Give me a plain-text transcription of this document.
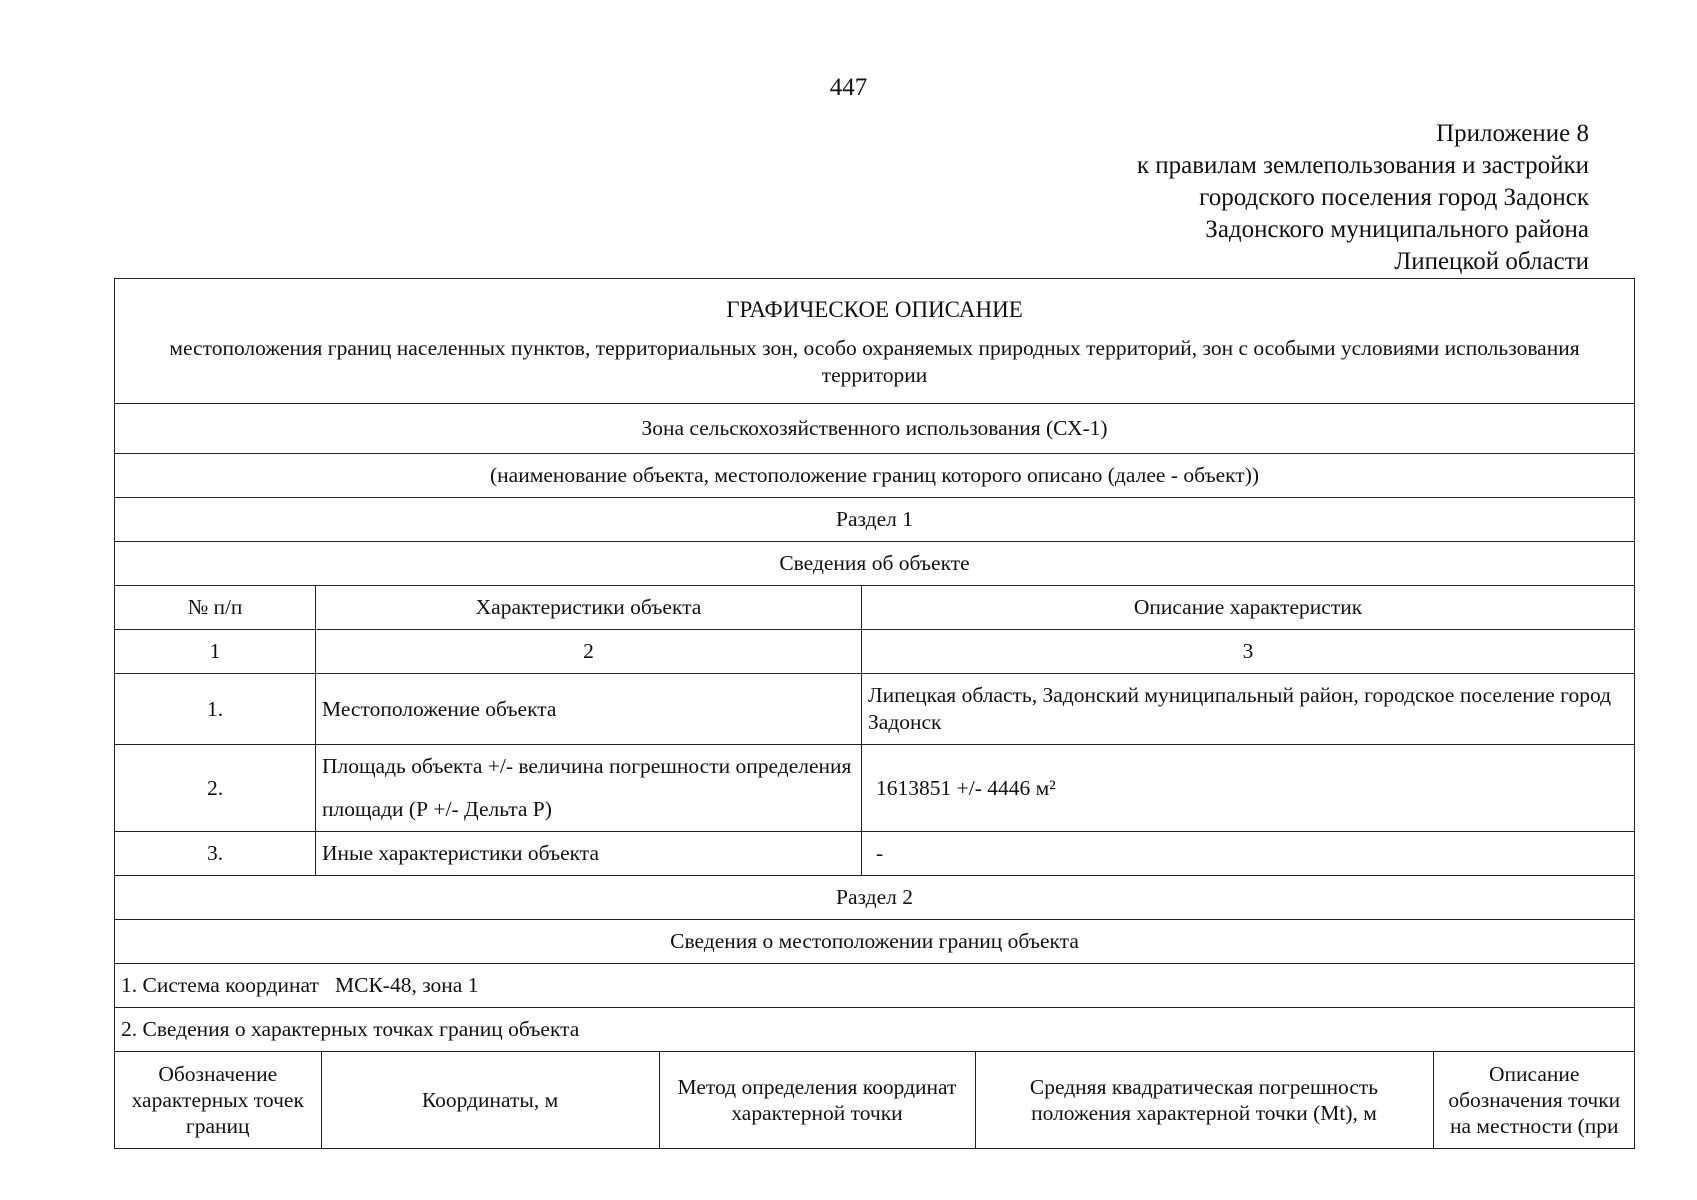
447
Приложение 8
к правилам землепользования и застройки
городского поселения город Задонск
Задонского муниципального района
Липецкой области
ГРАФИЧЕСКОЕ ОПИСАНИЕ
местоположения границ населенных пунктов, территориальных зон, особо охраняемых природных территорий, зон с особыми условиями использования территории

Зона сельскохозяйственного использования (СХ-1)
(наименование объекта, местоположение границ которого описано (далее - объект))
Раздел 1
Сведения об объекте
№ п/п	Характеристики объекта	Описание характеристик
1	2	3
1.	Местоположение объекта	Липецкая область, Задонский муниципальный район, городское поселение город Задонск
2.	Площадь объекта +/- величина погрешности определения площади (Р +/- Дельта Р)	1613851 +/- 4446 м²
3.	Иные характеристики объекта	-
Раздел 2
Сведения о местоположении границ объекта
1. Система координат   МСК-48, зона 1
2. Сведения о характерных точках границ объекта

Обозначение характерных точек границ	Координаты, м	Метод определения координат характерной точки	Средняя квадратическая погрешность положения характерной точки (Mt), м	Описание обозначения точки на местности (при
